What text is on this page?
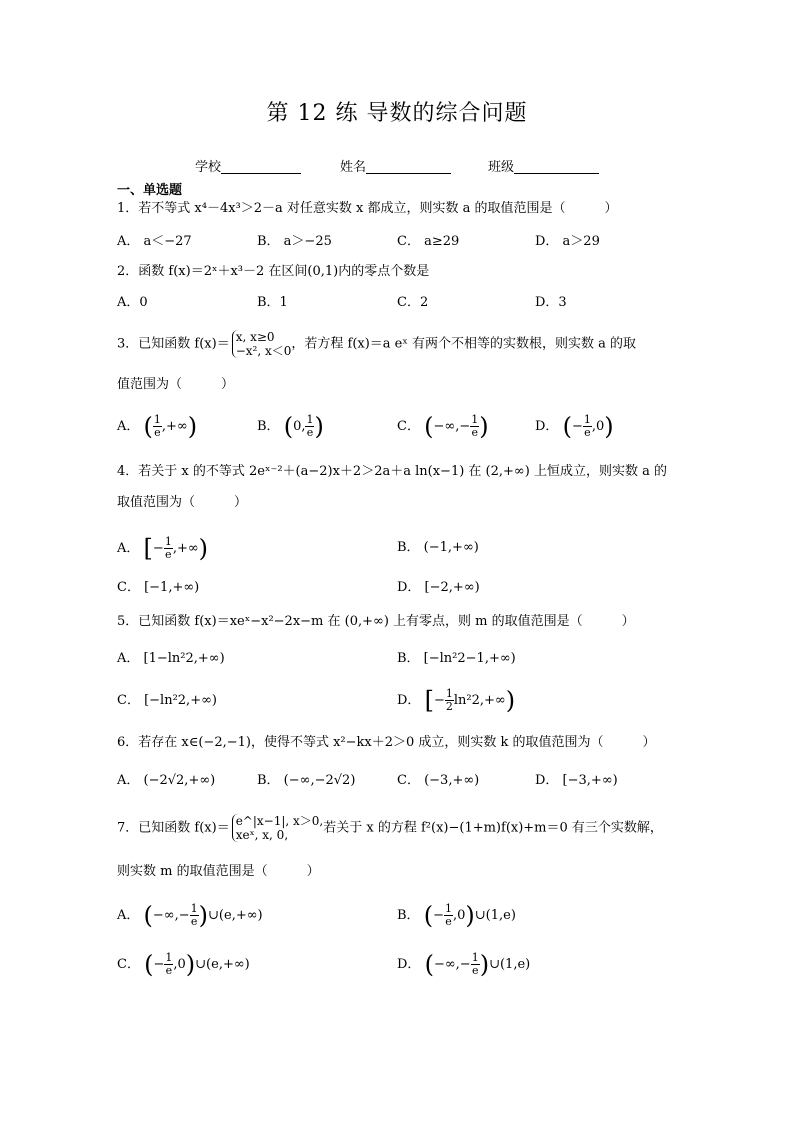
第 12 练 导数的综合问题
学校	姓名	班级
一、单选题
1．若不等式 x⁴－4x³＞2－a 对任意实数 x 都成立，则实数 a 的取值范围是（　　　）
A． a＜−27	B． a＞−25	C． a≥29	D． a＞29
2．函数 f(x)＝2ˣ＋x³－2 在区间(0,1)内的零点个数是
A．0	B．1	C．2	D．3
3．已知函数 f(x)＝ x, x≥0
−x², x＜0 ，若方程 f(x)＝a eˣ 有两个不相等的实数根，则实数 a 的取
值范围为（　　　）
A． ( $\frac{1}{e}$ ,+∞)	B． (0, $\frac{1}{e}$ )	C． (−∞,− $\frac{1}{e}$ )	D． (− $\frac{1}{e} ,0$)
4．若关于 x 的不等式 2eˣ⁻²＋(a−2)x＋2＞2a＋a ln(x−1) 在 (2,+∞) 上恒成立，则实数 a 的
取值范围为（　　　）
A． [− $\frac{1}{e}$ ,+∞)	B． (−1,+∞)
C． [−1,+∞)	D． [−2,+∞)
5．已知函数 f(x)＝xeˣ−x²−2x−m 在 (0,+∞) 上有零点，则 m 的取值范围是（　　　）
A． [1−ln²2,+∞)	B． [−ln²2−1,+∞)
C． [−ln²2,+∞)	D． [− $\frac{1}{2} \ln^22,+\infty$)
6．若存在 x∈(−2,−1)，使得不等式 x²−kx＋2＞0 成立，则实数 k 的取值范围为（　　　）
A． (−2√2,+∞)	B． (−∞,−2√2)	C． (−3,+∞)	D． [−3,+∞)
7．已知函数 f(x)＝ e^|x−1|, x＞0,
xeˣ, x, 0,	若关于 x 的方程 f²(x)−(1+m)f(x)+m＝0 有三个实数解，
则实数 m 的取值范围是（　　　）
A． (−∞,− $\frac{1}{e}$ )∪(e,+∞)	B． (− $\frac{1}{e}$ ,0)∪(1,e)
C． (− $\frac{1}{e}$ ,0)∪(e,+∞)	D． (−∞,− $\frac{1}{e}$ )∪(1,e)
